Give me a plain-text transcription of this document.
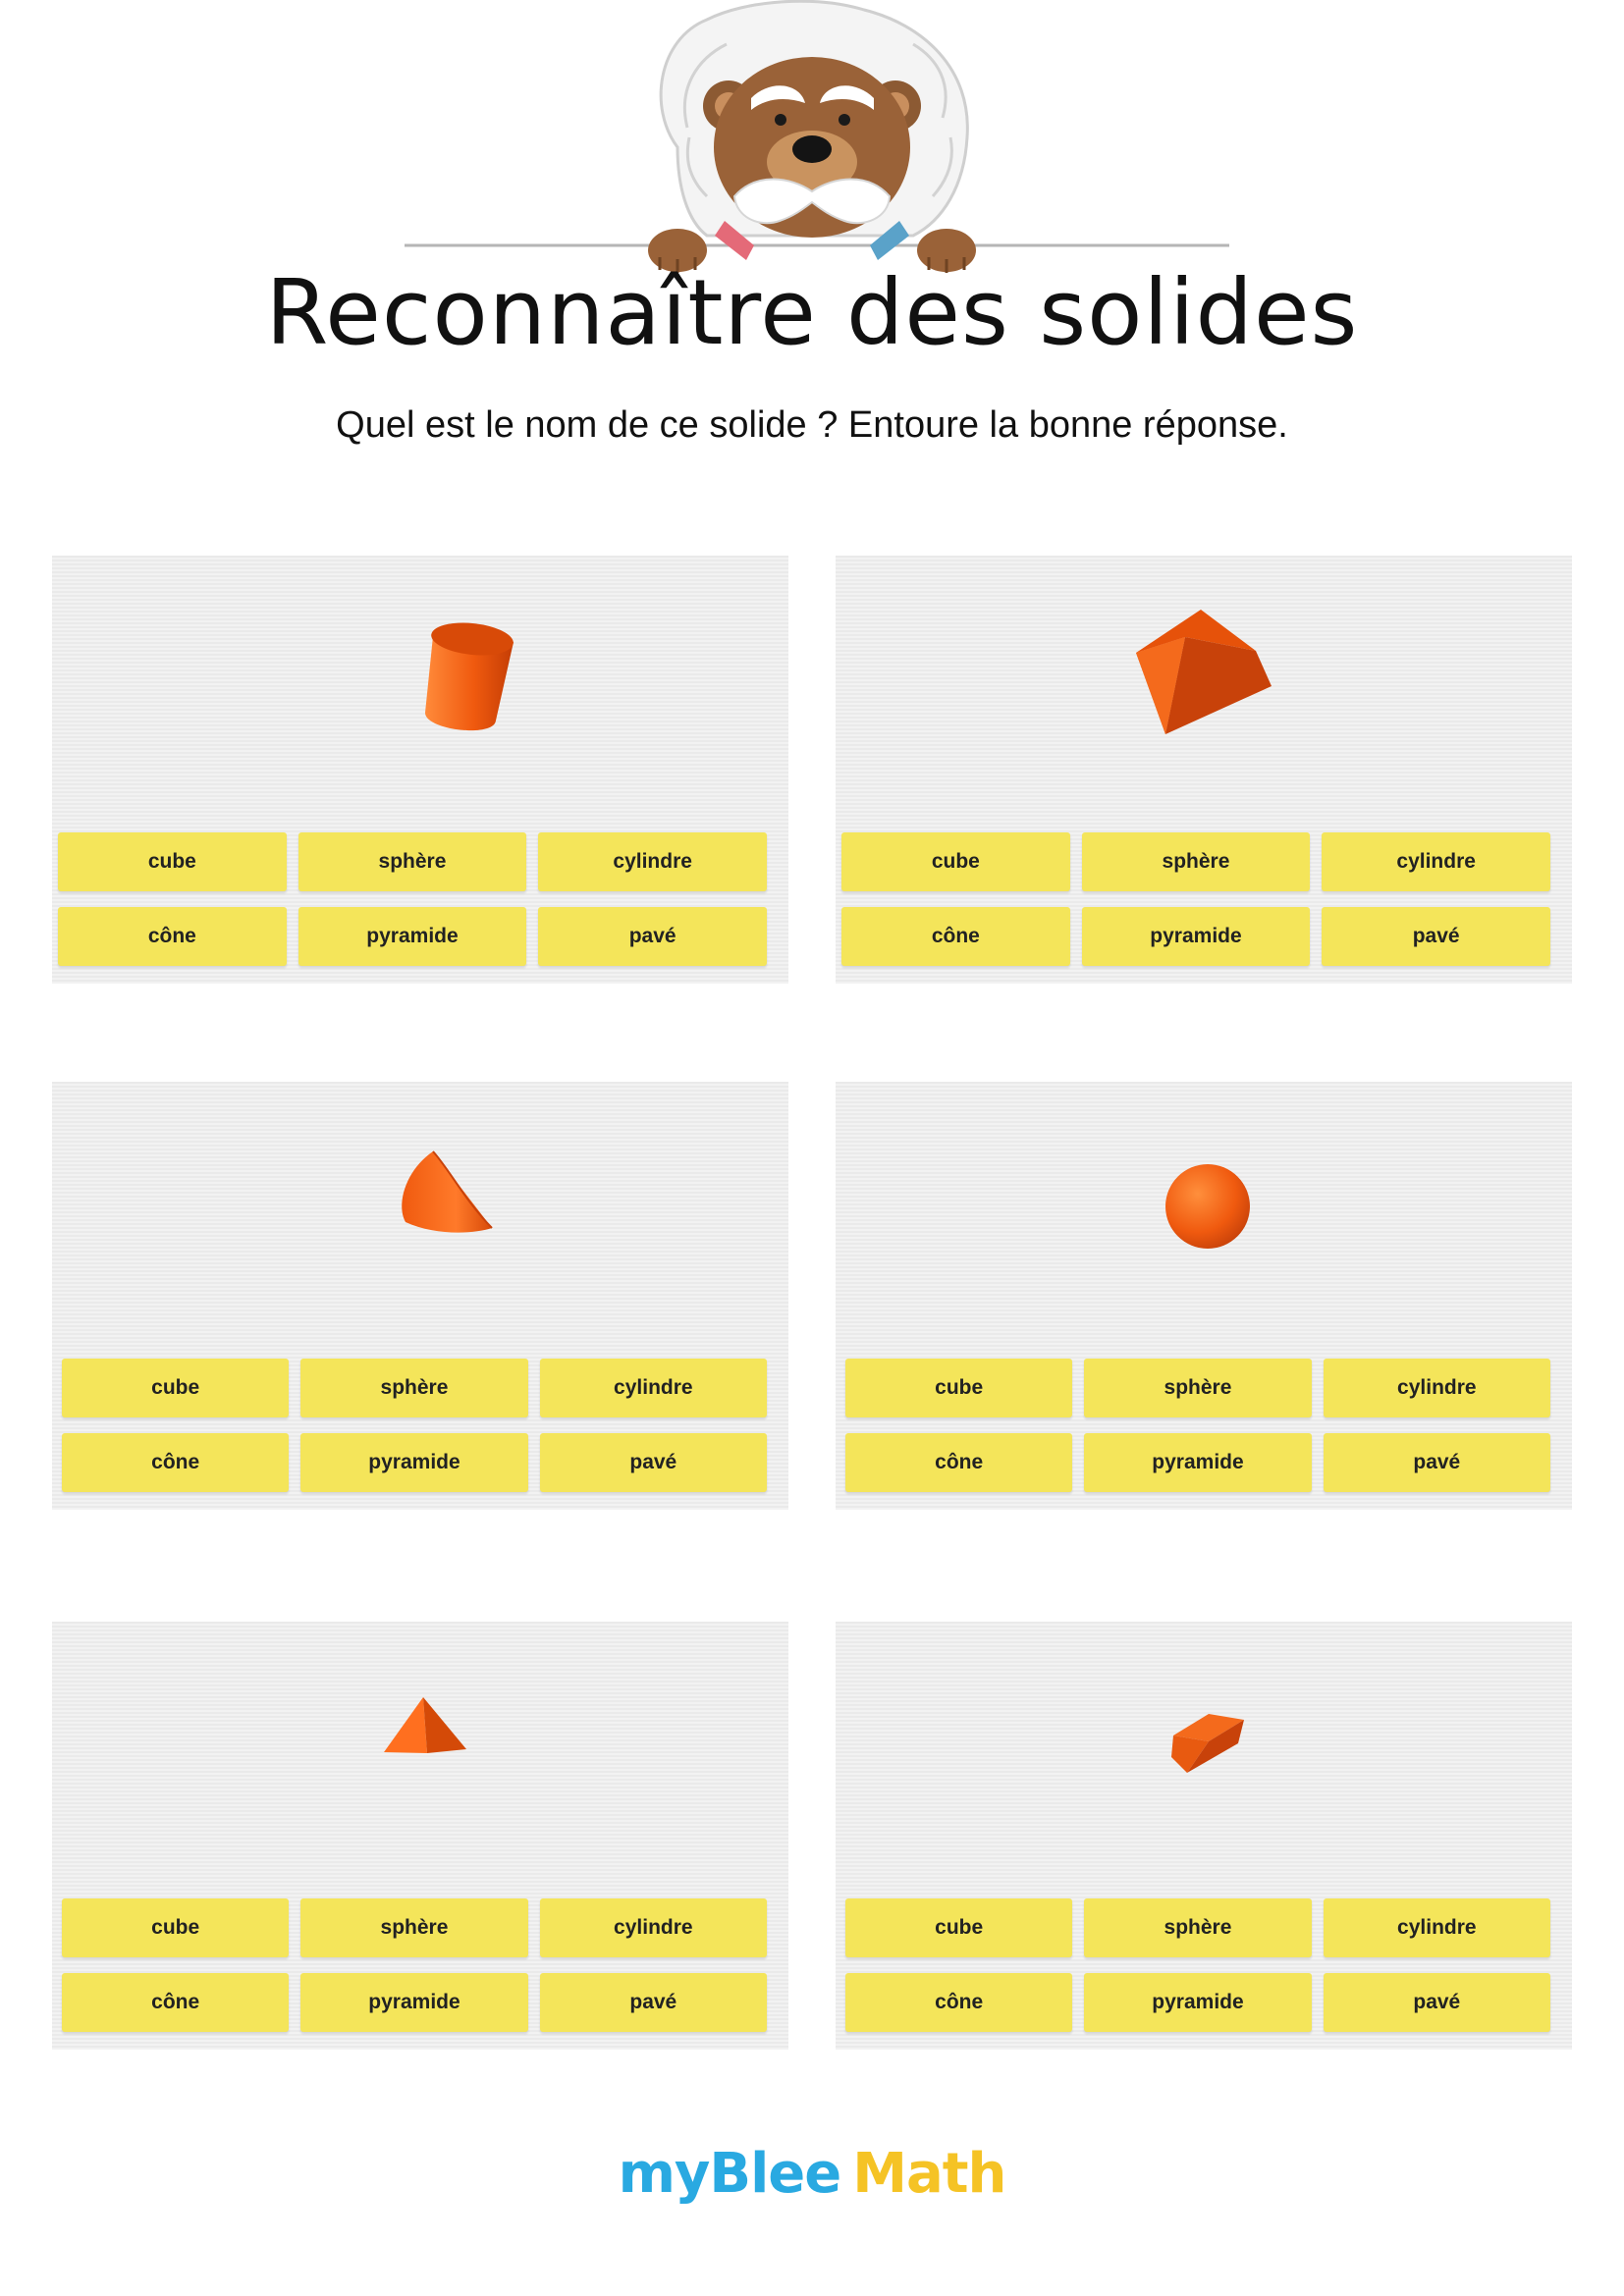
Reconnaître des solides

Quel est le nom de ce solide ? Entoure la bonne réponse.

cube	sphère	cylindre
cône	pyramide	pavé
cube	sphère	cylindre
cône	pyramide	pavé
cube	sphère	cylindre
cône	pyramide	pavé
cube	sphère	cylindre
cône	pyramide	pavé
cube	sphère	cylindre
cône	pyramide	pavé
cube	sphère	cylindre
cône	pyramide	pavé
myBlee Math
